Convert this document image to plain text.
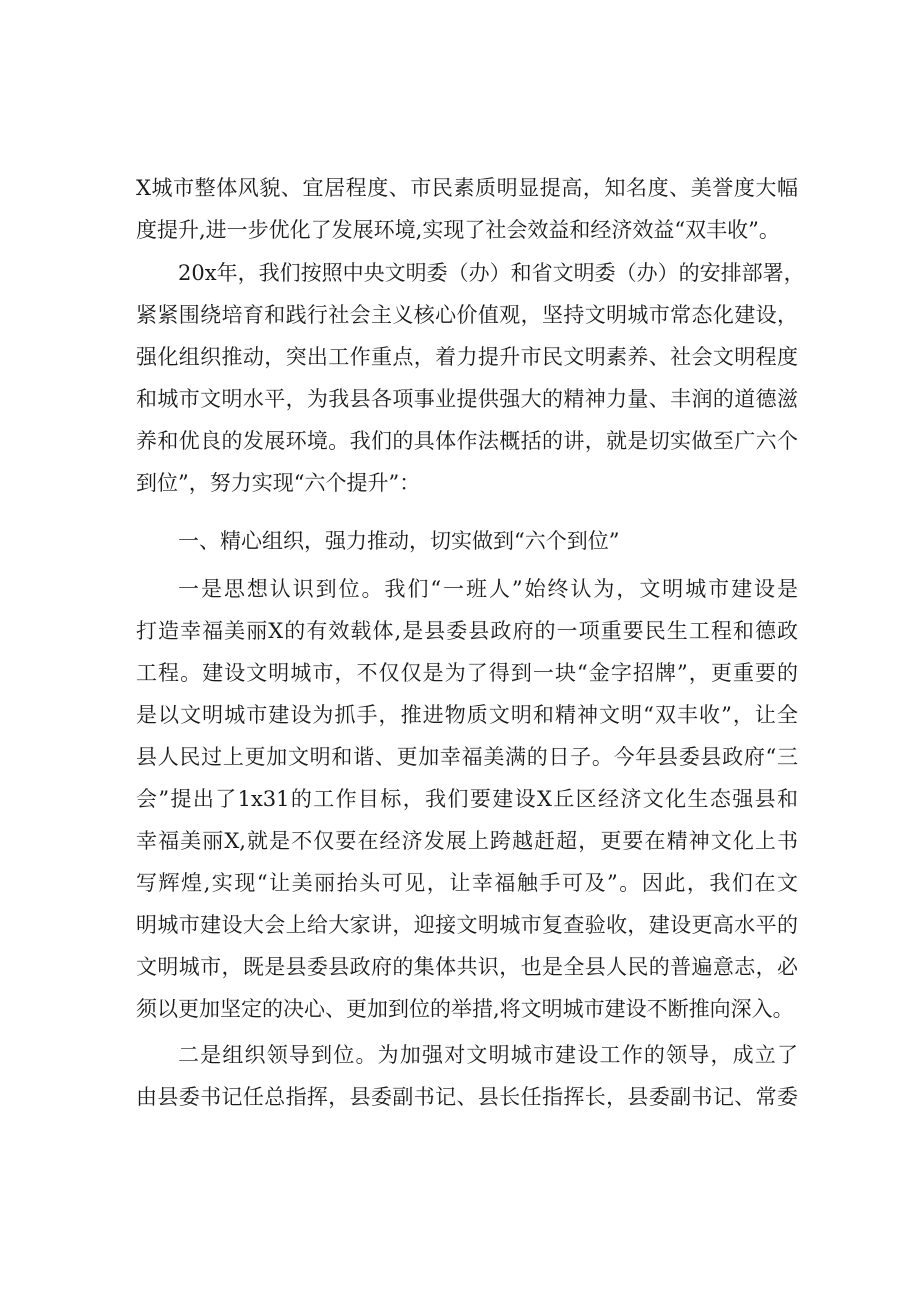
X城市整体风貌、宜居程度、市民素质明显提高，知名度、美誉度大幅
度提升,进一步优化了发展环境,实现了社会效益和经济效益“双丰收”。
20x年，我们按照中央文明委（办）和省文明委（办）的安排部署，
紧紧围绕培育和践行社会主义核心价值观，坚持文明城市常态化建设，
强化组织推动，突出工作重点，着力提升市民文明素养、社会文明程度
和城市文明水平，为我县各项事业提供强大的精神力量、丰润的道德滋
养和优良的发展环境。我们的具体作法概括的讲，就是切实做至广六个
到位”，努力实现“六个提升”：
一、精心组织，强力推动，切实做到“六个到位”
一是思想认识到位。我们“一班人”始终认为，文明城市建设是
打造幸福美丽X的有效载体,是县委县政府的一项重要民生工程和德政
工程。建设文明城市，不仅仅是为了得到一块“金字招牌”，更重要的
是以文明城市建设为抓手，推进物质文明和精神文明“双丰收”，让全
县人民过上更加文明和谐、更加幸福美满的日子。今年县委县政府“三
会”提出了1x31的工作目标，我们要建设X丘区经济文化生态强县和
幸福美丽X,就是不仅要在经济发展上跨越赶超，更要在精神文化上书
写辉煌,实现“让美丽抬头可见，让幸福触手可及”。因此，我们在文
明城市建设大会上给大家讲，迎接文明城市复查验收，建设更高水平的
文明城市，既是县委县政府的集体共识，也是全县人民的普遍意志，必
须以更加坚定的决心、更加到位的举措,将文明城市建设不断推向深入。
二是组织领导到位。为加强对文明城市建设工作的领导，成立了
由县委书记任总指挥，县委副书记、县长任指挥长，县委副书记、常委
